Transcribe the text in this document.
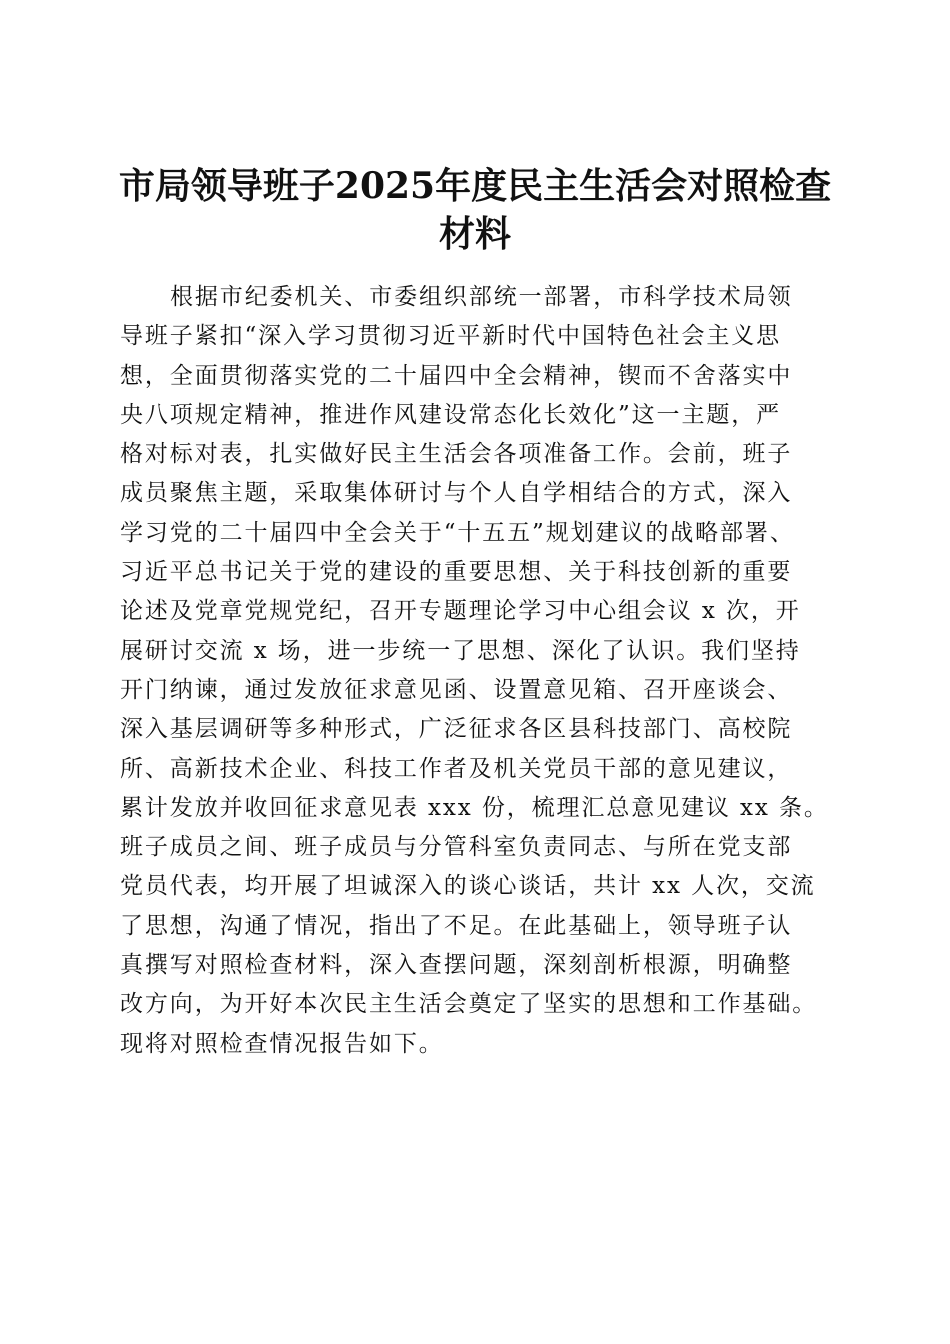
市局领导班子2025年度民主生活会对照检查
材料
根据市纪委机关、市委组织部统一部署，市科学技术局领
导班子紧扣“深入学习贯彻习近平新时代中国特色社会主义思
想，全面贯彻落实党的二十届四中全会精神，锲而不舍落实中
央八项规定精神，推进作风建设常态化长效化”这一主题，严
格对标对表，扎实做好民主生活会各项准备工作。会前，班子
成员聚焦主题，采取集体研讨与个人自学相结合的方式，深入
学习党的二十届四中全会关于“十五五”规划建议的战略部署、
习近平总书记关于党的建设的重要思想、关于科技创新的重要
论述及党章党规党纪，召开专题理论学习中心组会议 x 次，开
展研讨交流 x 场，进一步统一了思想、深化了认识。我们坚持
开门纳谏，通过发放征求意见函、设置意见箱、召开座谈会、
深入基层调研等多种形式，广泛征求各区县科技部门、高校院
所、高新技术企业、科技工作者及机关党员干部的意见建议，
累计发放并收回征求意见表 xxx 份，梳理汇总意见建议 xx 条。
班子成员之间、班子成员与分管科室负责同志、与所在党支部
党员代表，均开展了坦诚深入的谈心谈话，共计 xx 人次，交流
了思想，沟通了情况，指出了不足。在此基础上，领导班子认
真撰写对照检查材料，深入查摆问题，深刻剖析根源，明确整
改方向，为开好本次民主生活会奠定了坚实的思想和工作基础。
现将对照检查情况报告如下。
